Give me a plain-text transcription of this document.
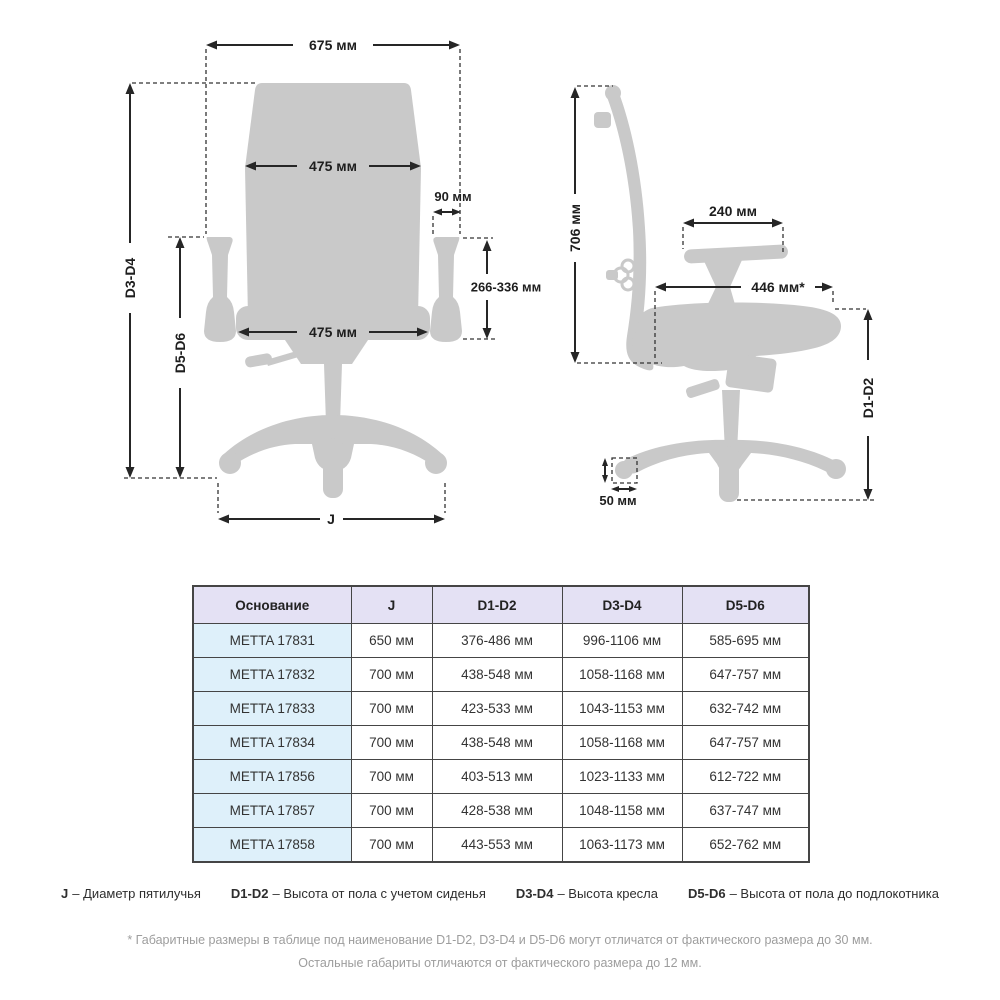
675 мм
475 мм
475 мм
90 мм
266-336 мм
D3-D4
D5-D6
J
706 мм	240 мм
446 мм*
D1-D2
50 мм
Основание	J	D1-D2	D3-D4	D5-D6
METTA 17831	650 мм	376-486 мм	996-1106 мм	585-695 мм
METTA 17832	700 мм	438-548 мм	1058-1168 мм	647-757 мм
METTA 17833	700 мм	423-533 мм	1043-1153 мм	632-742 мм
METTA 17834	700 мм	438-548 мм	1058-1168 мм	647-757 мм
METTA 17856	700 мм	403-513 мм	1023-1133 мм	612-722 мм
METTA 17857	700 мм	428-538 мм	1048-1158 мм	637-747 мм
METTA 17858	700 мм	443-553 мм	1063-1173 мм	652-762 мм
J – Диаметр пятилучья D1-D2 – Высота от пола с учетом сиденья D3-D4 – Высота кресла D5-D6 – Высота от пола до подлокотника
* Габаритные размеры в таблице под наименование D1-D2, D3-D4 и D5-D6 могут отличатся от фактического размера до 30 мм.
Остальные габариты отличаются от фактического размера до 12 мм.
